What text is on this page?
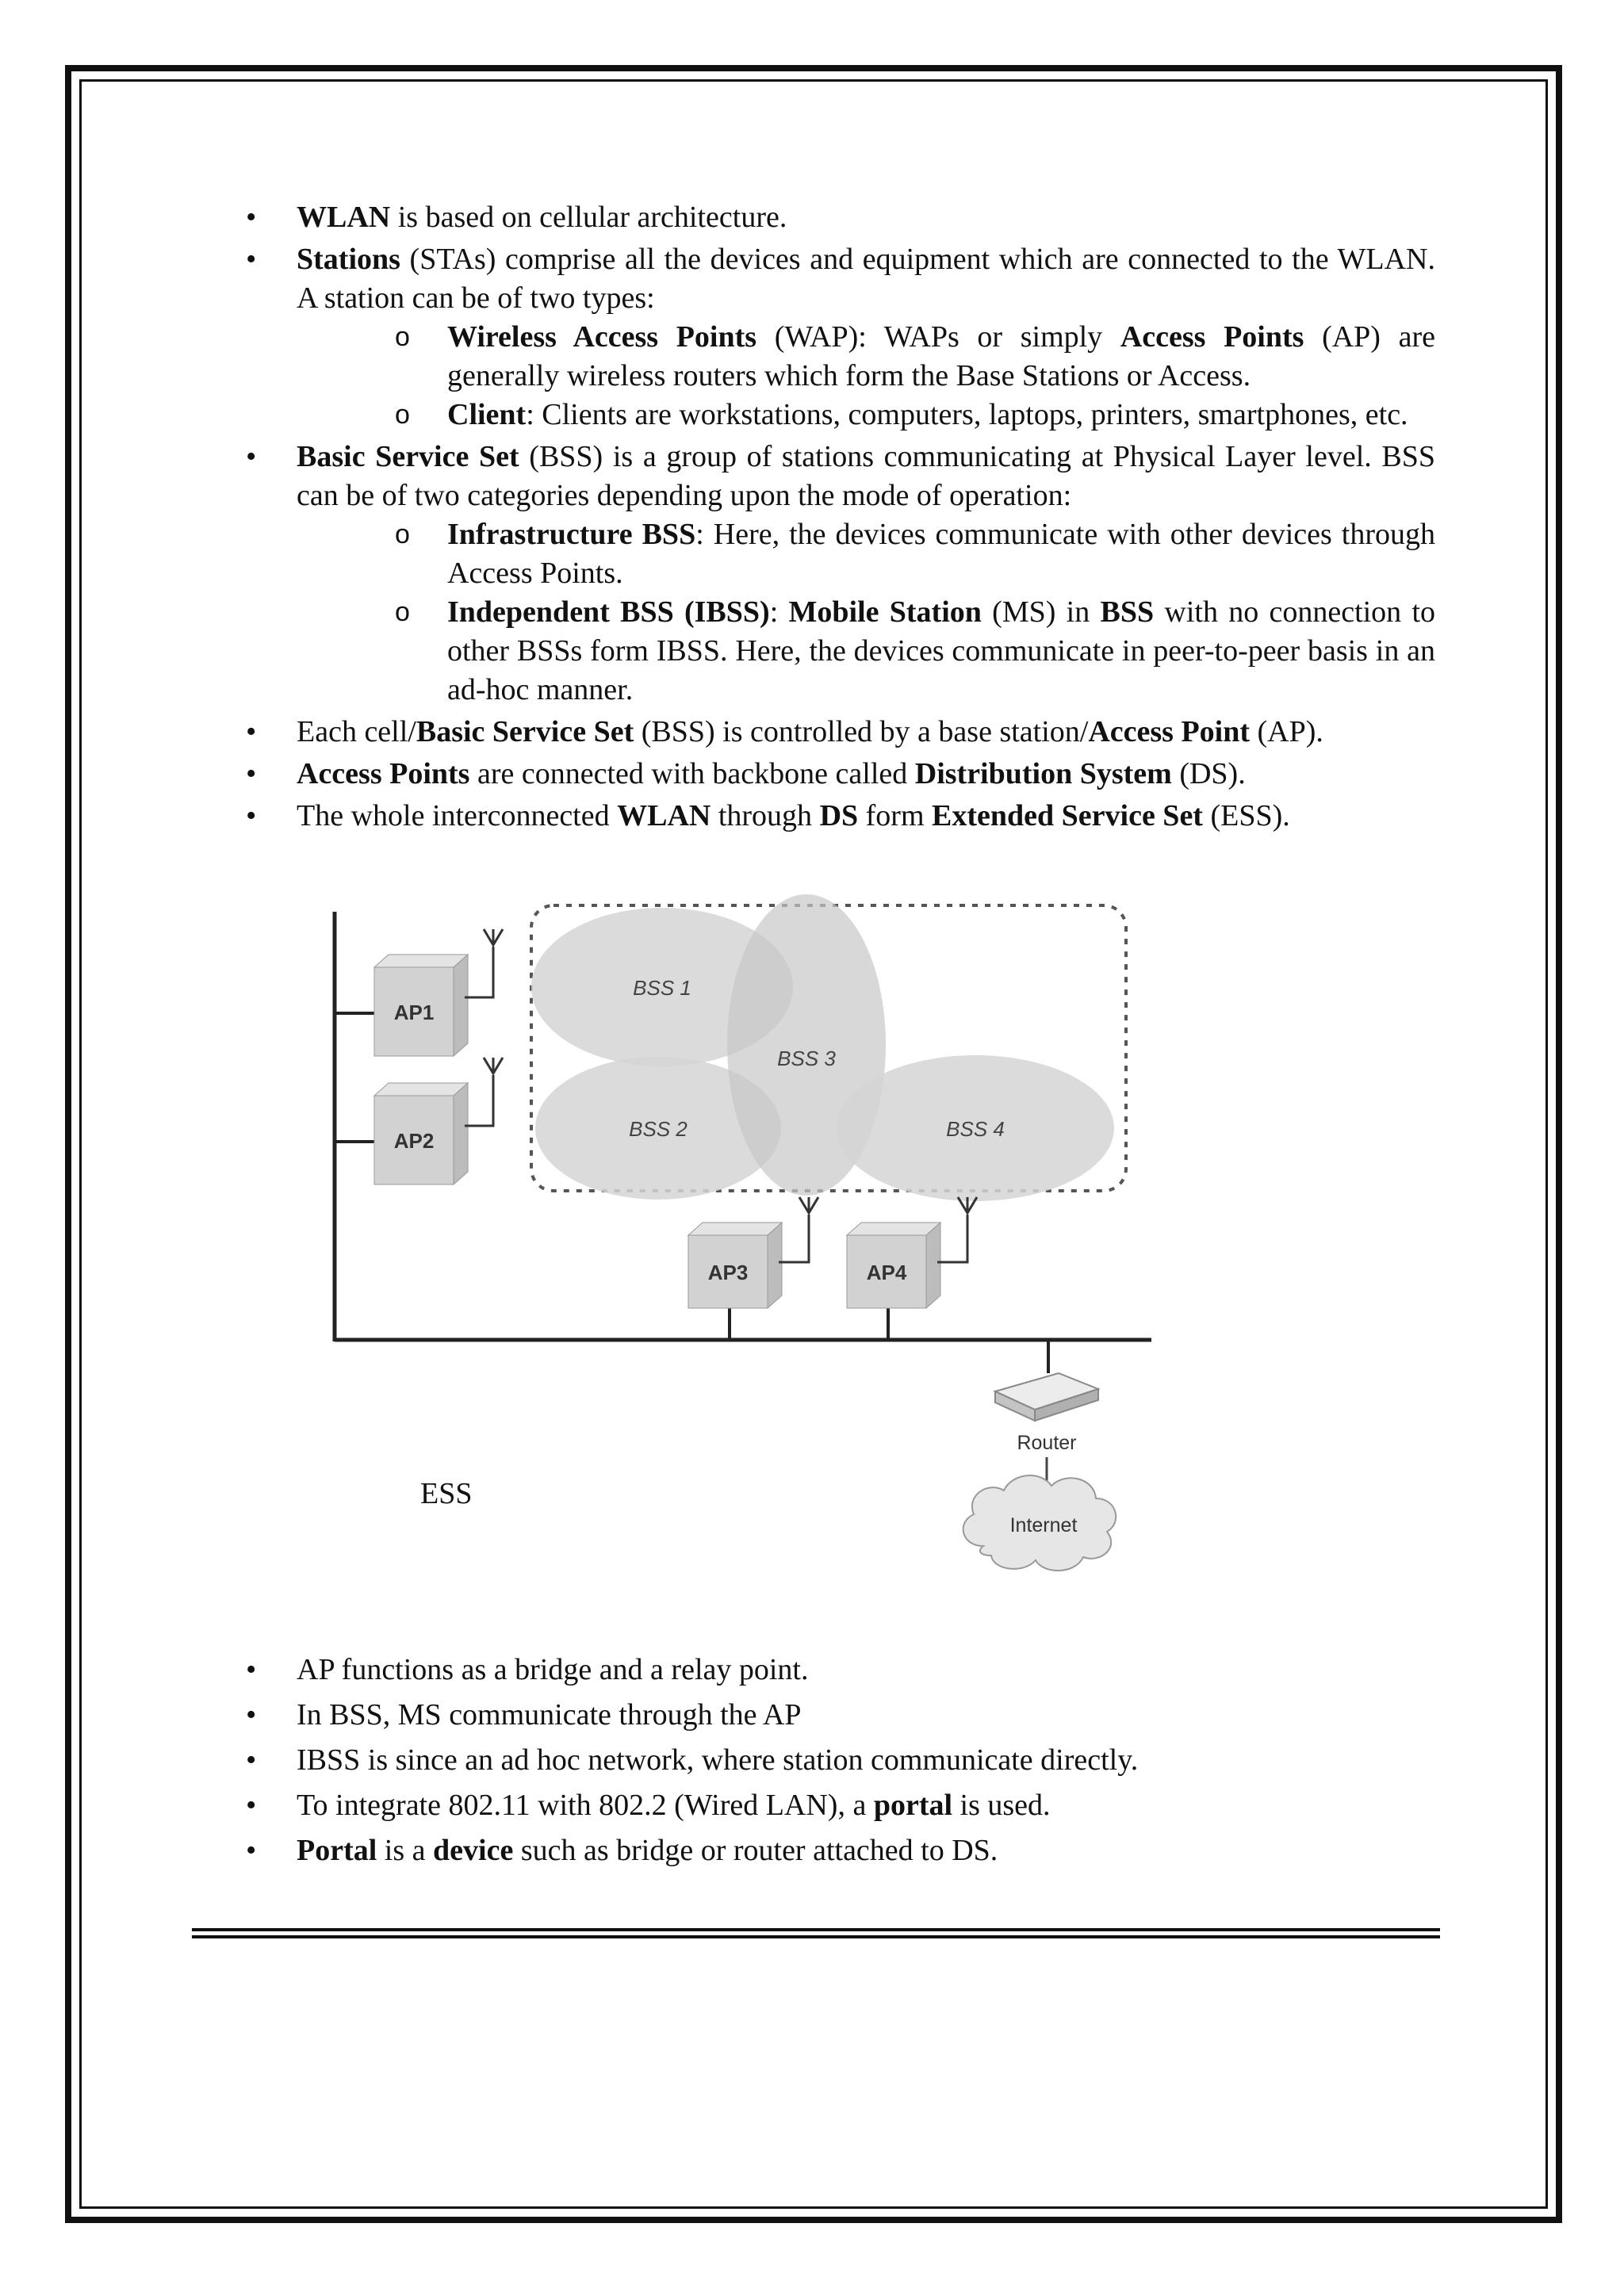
• WLAN is based on cellular architecture.
• Stations (STAs) comprise all the devices and equipment which are connected to the WLAN. A station can be of two types:
o Wireless Access Points (WAP): WAPs or simply Access Points (AP) are generally wireless routers which form the Base Stations or Access.
o Client: Clients are workstations, computers, laptops, printers, smartphones, etc.
• Basic Service Set (BSS) is a group of stations communicating at Physical Layer level. BSS can be of two categories depending upon the mode of operation:
o Infrastructure BSS: Here, the devices communicate with other devices through Access Points.
o Independent BSS (IBSS): Mobile Station (MS) in BSS with no connection to other BSSs form IBSS. Here, the devices communicate in peer-to-peer basis in an ad-hoc manner.
• Each cell/Basic Service Set (BSS) is controlled by a base station/Access Point (AP).
• Access Points are connected with backbone called Distribution System (DS).
• The whole interconnected WLAN through DS form Extended Service Set (ESS).
BSS 1
BSS 2
BSS 3
BSS 4
AP1
AP2
AP3	AP4
Router
Internet
ESS
• AP functions as a bridge and a relay point.
• In BSS, MS communicate through the AP
• IBSS is since an ad hoc network, where station communicate directly.
• To integrate 802.11 with 802.2 (Wired LAN), a portal is used.
• Portal is a device such as bridge or router attached to DS.
